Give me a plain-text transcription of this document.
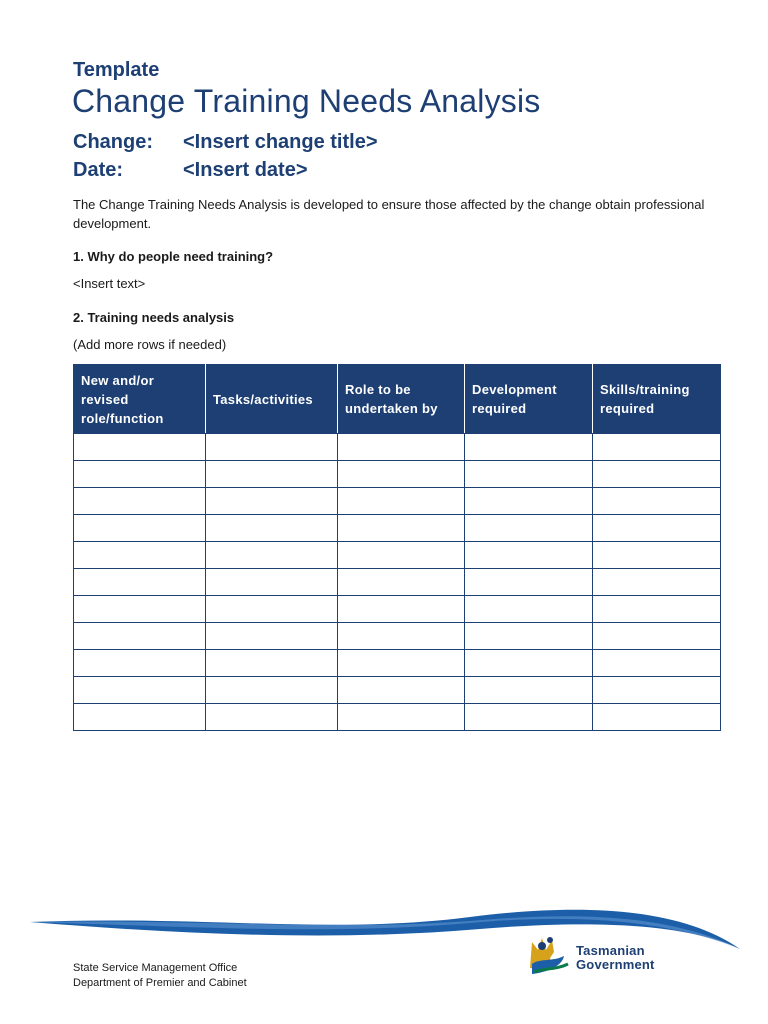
Template
Change Training Needs Analysis
Change: <Insert change title>
Date:	<Insert date>
The Change Training Needs Analysis is developed to ensure those affected by the change obtain professional development.
1. Why do people need training?
<Insert text>
2. Training needs analysis
(Add more rows if needed)
New and/or revised role/function	Tasks/activities	Role to be undertaken by	Development required	Skills/training required

State Service Management Office
Department of Premier and Cabinet
Tasmanian
Government
